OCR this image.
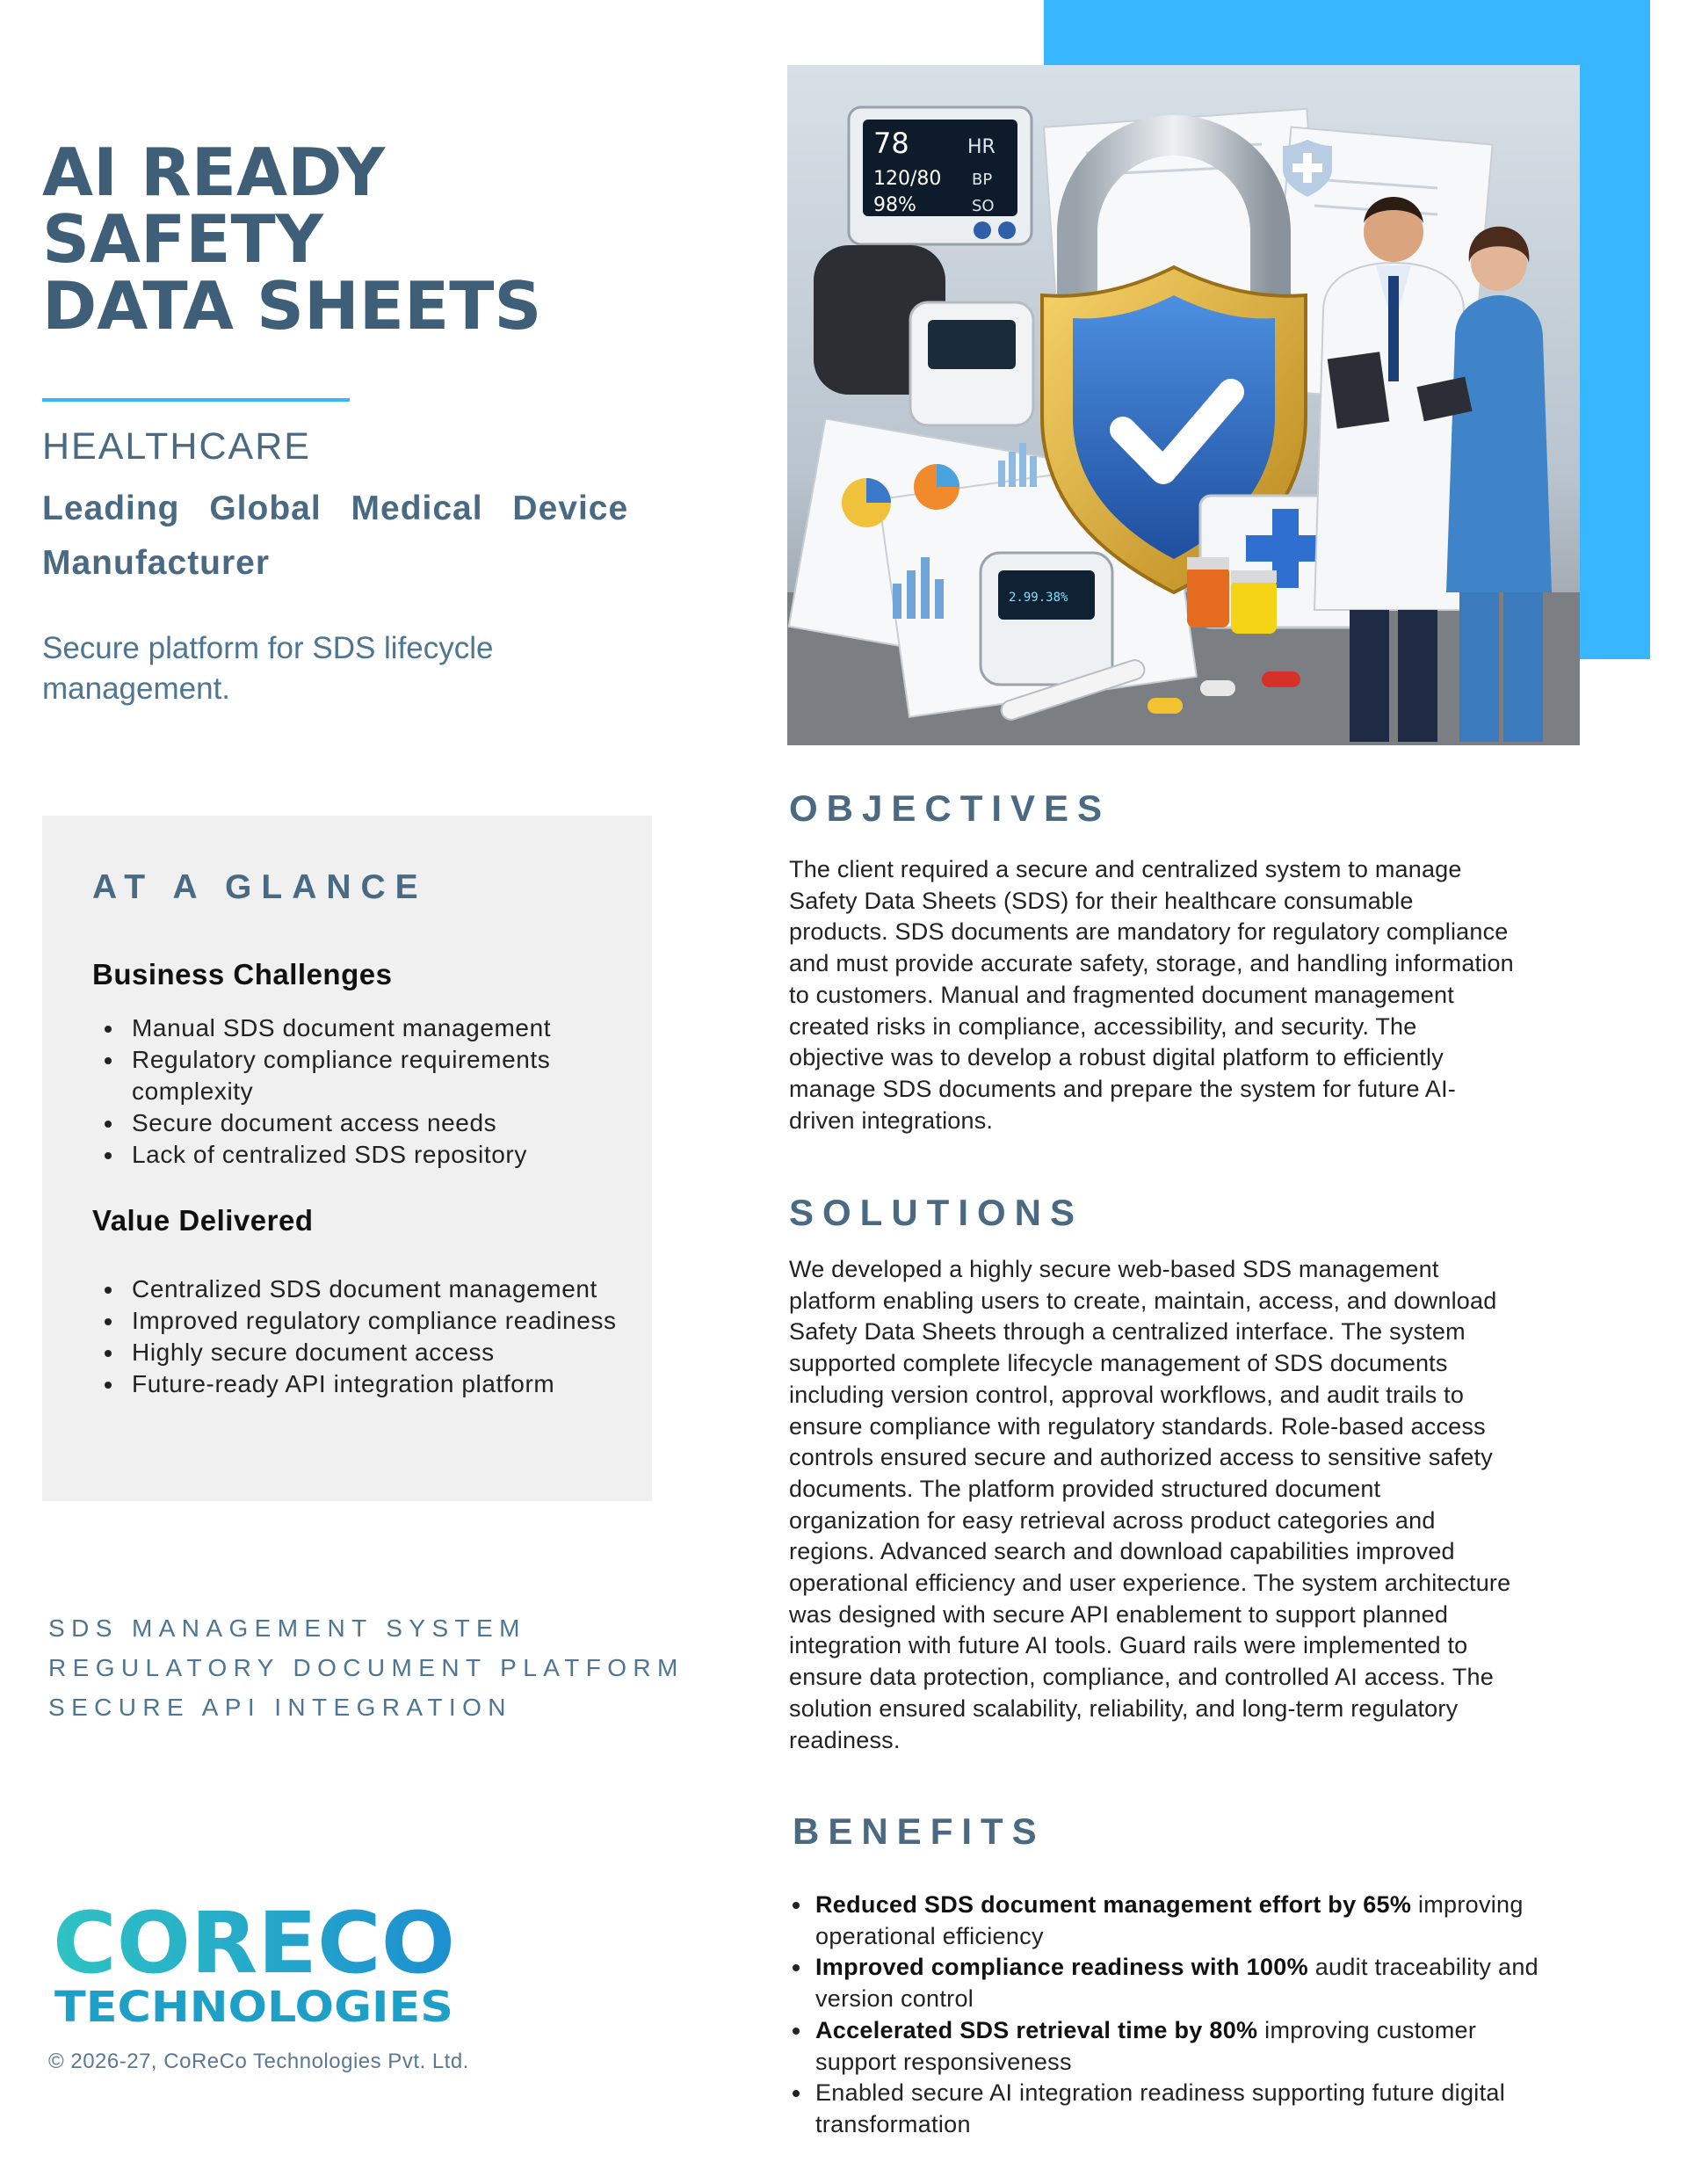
78	HR
120/80 BP
98%	SO
2.99.38%
AI READY SAFETY
DATA SHEETS
HEALTHCARE
Leading Global Medical Device
Manufacturer
Secure platform for SDS lifecycle management.
AT A GLANCE
Business Challenges
Manual SDS document management
Regulatory compliance requirements complexity
Secure document access needs
Lack of centralized SDS repository
Value Delivered
Centralized SDS document management
Improved regulatory compliance readiness
Highly secure document access
Future-ready API integration platform
SDS MANAGEMENT SYSTEM
REGULATORY DOCUMENT PLATFORM
SECURE API INTEGRATION
CORECO
TECHNOLOGIES
© 2026-27, CoReCo Technologies Pvt. Ltd.
OBJECTIVES
The client required a secure and centralized system to manage Safety Data Sheets (SDS) for their healthcare consumable products. SDS documents are mandatory for regulatory compliance and must provide accurate safety, storage, and handling information to customers. Manual and fragmented document management created risks in compliance, accessibility, and security. The objective was to develop a robust digital platform to efficiently manage SDS documents and prepare the system for future AI-driven integrations.
SOLUTIONS
We developed a highly secure web-based SDS management platform enabling users to create, maintain, access, and download Safety Data Sheets through a centralized interface. The system supported complete lifecycle management of SDS documents including version control, approval workflows, and audit trails to ensure compliance with regulatory standards. Role-based access controls ensured secure and authorized access to sensitive safety documents. The platform provided structured document organization for easy retrieval across product categories and regions. Advanced search and download capabilities improved operational efficiency and user experience. The system architecture was designed with secure API enablement to support planned integration with future AI tools. Guard rails were implemented to ensure data protection, compliance, and controlled AI access. The solution ensured scalability, reliability, and long-term regulatory readiness.
BENEFITS
Reduced SDS document management effort by 65% improving operational efficiency
Improved compliance readiness with 100% audit traceability and version control
Accelerated SDS retrieval time by 80% improving customer support responsiveness
Enabled secure AI integration readiness supporting future digital transformation
